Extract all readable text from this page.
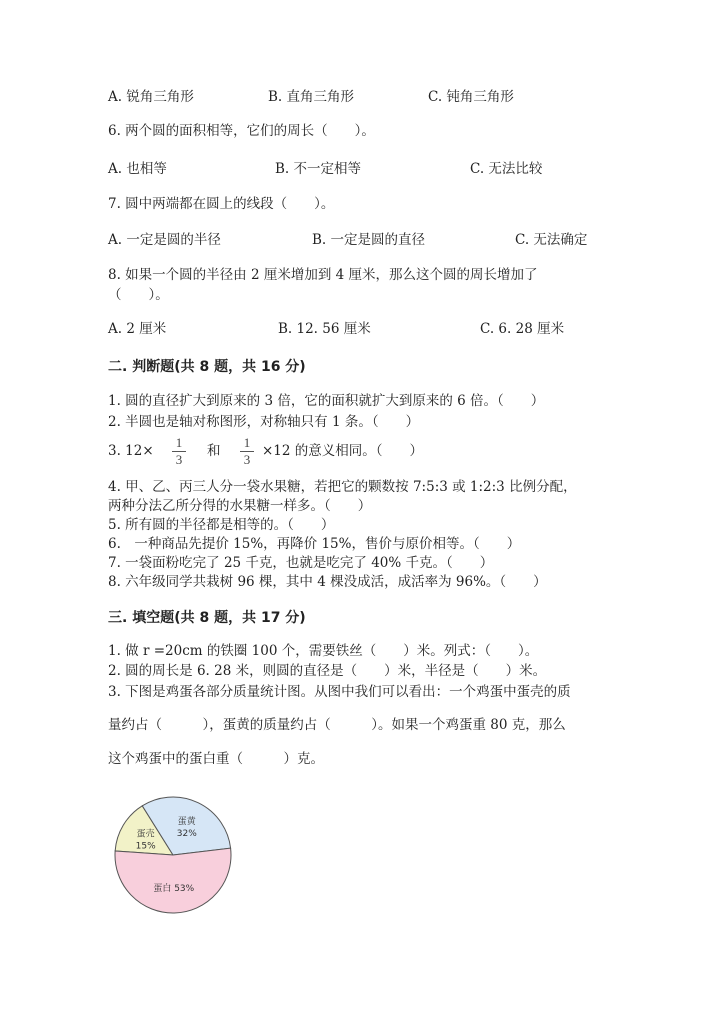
A. 锐角三角形	B. 直角三角形	C. 钝角三角形
6. 两个圆的面积相等，它们的周长（　　）。
A. 也相等	B. 不一定相等	C. 无法比较
7. 圆中两端都在圆上的线段（　　）。
A. 一定是圆的半径	B. 一定是圆的直径	C. 无法确定
8. 如果一个圆的半径由 2 厘米增加到 4 厘米，那么这个圆的周长增加了
（　　）。
A. 2 厘米	B. 12. 56 厘米	C. 6. 28 厘米
二. 判断题(共 8 题，共 16 分)
1. 圆的直径扩大到原来的 3 倍，它的面积就扩大到原来的 6 倍。（　　）
2. 半圆也是轴对称图形，对称轴只有 1 条。（　　）
3. 12×
1
3
和
1
3
×12 的意义相同。（　　）
4. 甲、乙、丙三人分一袋水果糖，若把它的颗数按 7:5:3 或 1:2:3 比例分配，
两种分法乙所分得的水果糖一样多。（　　）
5. 所有圆的半径都是相等的。（　　）
6.　一种商品先提价 15%，再降价 15%，售价与原价相等。（　　）
7. 一袋面粉吃完了 25 千克，也就是吃完了 40% 千克。（　　）
8. 六年级同学共栽树 96 棵，其中 4 棵没成活，成活率为 96%。（　　）
三. 填空题(共 8 题，共 17 分)
1. 做 r =20cm 的铁圈 100 个，需要铁丝（　　）米。列式：（　　）。
2. 圆的周长是 6. 28 米，则圆的直径是（　　）米，半径是（　　）米。
3. 下图是鸡蛋各部分质量统计图。从图中我们可以看出：一个鸡蛋中蛋壳的质
量约占（　　　），蛋黄的质量约占（　　　）。如果一个鸡蛋重 80 克，那么
这个鸡蛋中的蛋白重（　　　）克。
蛋壳
15%
蛋黄
32%
蛋白 53%
